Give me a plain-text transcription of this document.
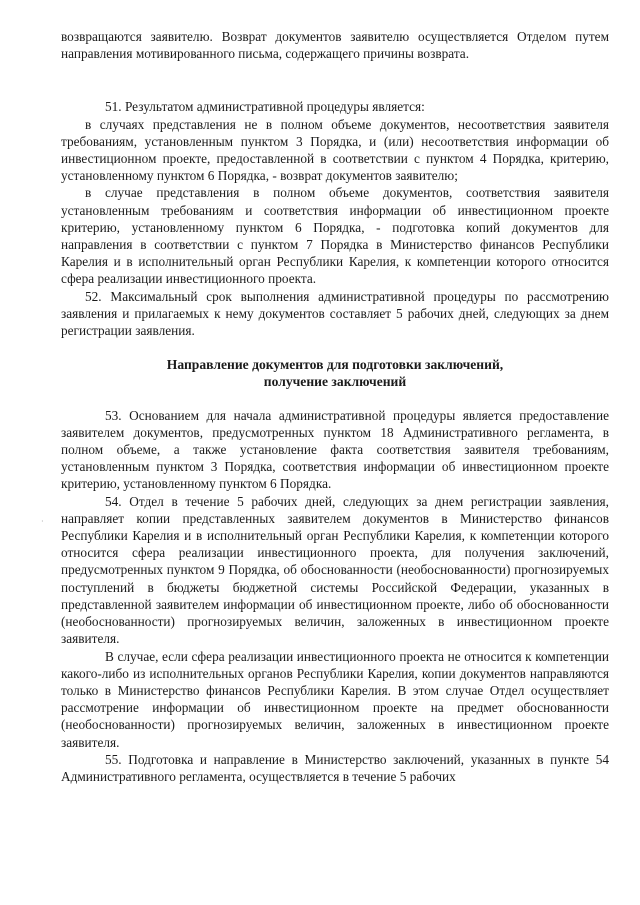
возвращаются заявителю. Возврат документов заявителю осуществляется Отделом путем направления мотивированного письма, содержащего причины возврата.

51. Результатом административной процедуры является:

в случаях представления не в полном объеме документов, несоответствия заявителя требованиям, установленным пунктом 3 Порядка, и (или) несоответствия информации об инвестиционном проекте, предоставленной в соответствии с пунктом 4 Порядка, критерию, установленному пунктом 6 Порядка, - возврат документов заявителю;

в случае представления в полном объеме документов, соответствия заявителя установленным требованиям и соответствия информации об инвестиционном проекте критерию, установленному пунктом 6 Порядка, - подготовка копий документов для направления в соответствии с пунктом 7 Порядка в Министерство финансов Республики Карелия и в исполнительный орган Республики Карелия, к компетенции которого относится сфера реализации инвестиционного проекта.

52. Максимальный срок выполнения административной процедуры по рассмотрению заявления и прилагаемых к нему документов составляет 5 рабочих дней, следующих за днем регистрации заявления.

Направление документов для подготовки заключений,
получение заключений

53. Основанием для начала административной процедуры является предоставление заявителем документов, предусмотренных пунктом 18 Административного регламента, в полном объеме, а также установление факта соответствия заявителя требованиям, установленным пунктом 3 Порядка, соответствия информации об инвестиционном проекте критерию, установленному пунктом 6 Порядка.

54. Отдел в течение 5 рабочих дней, следующих за днем регистрации заявления, направляет копии представленных заявителем документов в Министерство финансов Республики Карелия и в исполнительный орган Республики Карелия, к компетенции которого относится сфера реализации инвестиционного проекта, для получения заключений, предусмотренных пунктом 9 Порядка, об обоснованности (необоснованности) прогнозируемых поступлений в бюджеты бюджетной системы Российской Федерации, указанных в представленной заявителем информации об инвестиционном проекте, либо об обоснованности (необоснованности) прогнозируемых величин, заложенных в инвестиционном проекте заявителя.

В случае, если сфера реализации инвестиционного проекта не относится к компетенции какого-либо из исполнительных органов Республики Карелия, копии документов направляются только в Министерство финансов Республики Карелия. В этом случае Отдел осуществляет рассмотрение информации об инвестиционном проекте на предмет обоснованности (необоснованности) прогнозируемых величин, заложенных в инвестиционном проекте заявителя.

55. Подготовка и направление в Министерство заключений, указанных в пункте 54 Административного регламента, осуществляется в течение 5 рабочих

·
